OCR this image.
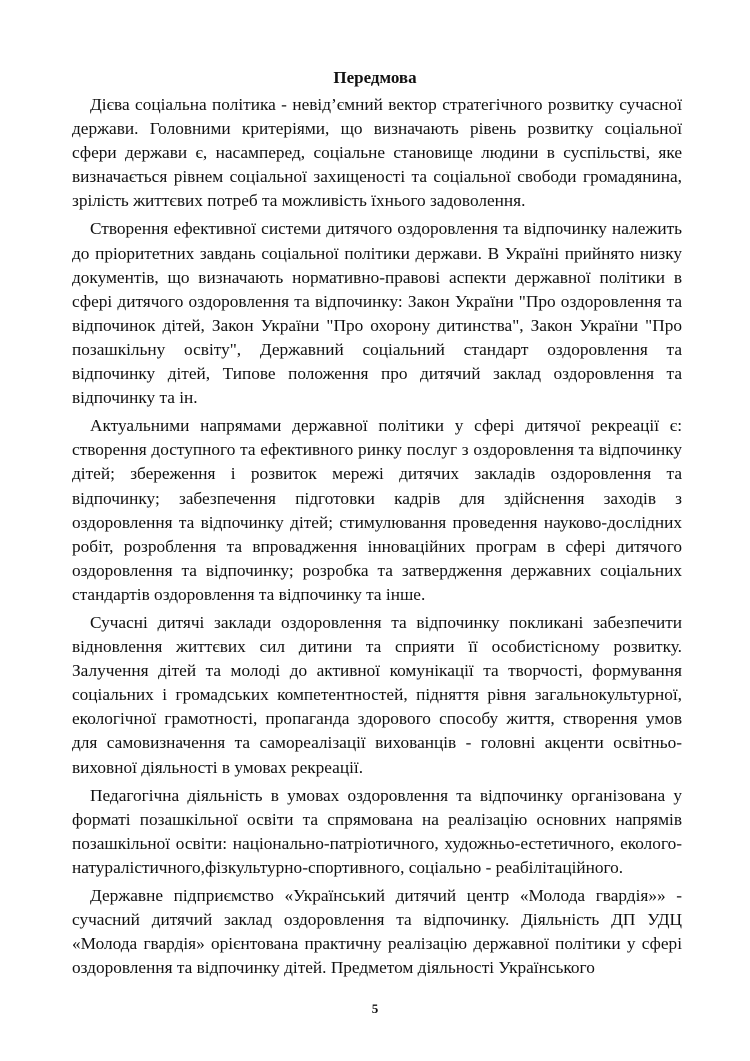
Передмова

Дієва соціальна політика - невід’ємний вектор стратегічного розвитку сучасної держави. Головними критеріями, що визначають рівень розвитку соціальної сфери держави є, насамперед, соціальне становище людини в суспільстві, яке визначається рівнем соціальної захищеності та соціальної свободи громадянина, зрілість життєвих потреб та можливість їхнього задоволення.

Створення ефективної системи дитячого оздоровлення та відпочинку належить до пріоритетних завдань соціальної політики держави. В Україні прийнято низку документів, що визначають нормативно-правові аспекти державної політики в сфері дитячого оздоровлення та відпочинку: Закон України "Про оздоровлення та відпочинок дітей, Закон України "Про охорону дитинства", Закон України "Про позашкільну освіту", Державний соціальний стандарт оздоровлення та відпочинку дітей, Типове положення про дитячий заклад оздоровлення та відпочинку та ін.

Актуальними напрямами державної політики у сфері дитячої рекреації є: створення доступного та ефективного ринку послуг з оздоровлення та відпочинку дітей; збереження і розвиток мережі дитячих закладів оздоровлення та відпочинку; забезпечення підготовки кадрів для здійснення заходів з оздоровлення та відпочинку дітей; стимулювання проведення науково-дослідних робіт, розроблення та впровадження інноваційних програм в сфері дитячого оздоровлення та відпочинку; розробка та затвердження державних соціальних стандартів оздоровлення та відпочинку та інше.

Сучасні дитячі заклади оздоровлення та відпочинку покликані забезпечити відновлення життєвих сил дитини та сприяти її особистісному розвитку. Залучення дітей та молоді до активної комунікації та творчості, формування соціальних і громадських компетентностей, підняття рівня загальнокультурної, екологічної грамотності, пропаганда здорового способу життя, створення умов для самовизначення та самореалізації вихованців - головні акценти освітньо-виховної діяльності в умовах рекреації.

Педагогічна діяльність в умовах оздоровлення та відпочинку організована у форматі позашкільної освіти та спрямована на реалізацію основних напрямів позашкільної освіти: національно-патріотичного, художньо-естетичного, еколого-натуралістичного,фізкультурно-спортивного, соціально - реабілітаційного.

Державне підприємство «Український дитячий центр «Молода гвардія»» - сучасний дитячий заклад оздоровлення та відпочинку. Діяльність ДП УДЦ «Молода гвардія» орієнтована практичну реалізацію державної політики у сфері оздоровлення та відпочинку дітей. Предметом діяльності Українського

5
